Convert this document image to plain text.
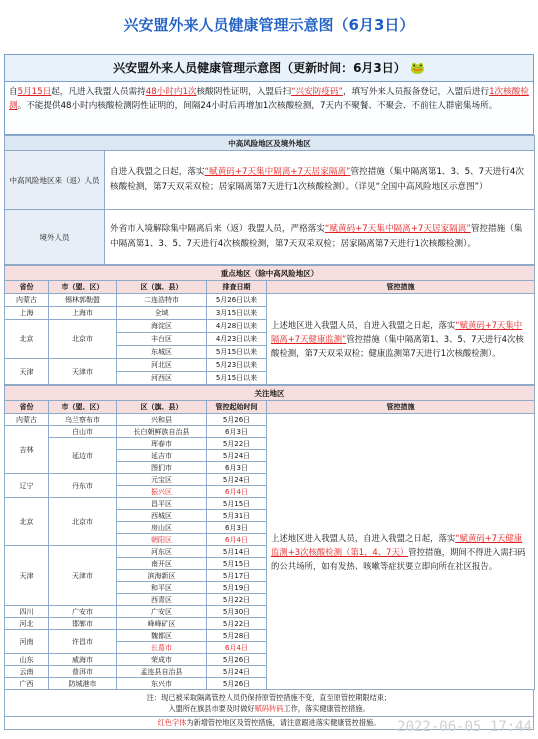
兴安盟外来人员健康管理示意图（6月3日）
兴安盟外来人员健康管理示意图（更新时间：6月3日） 🐸
自5月15日起，凡进入我盟人员需持48小时内1次核酸阴性证明，入盟后扫“兴安防疫码”，填写外来人员报备登记，入盟后进行1次核酸检测。不能提供48小时内核酸检测阴性证明的，间隔24小时后再增加1次核酸检测，7天内不聚餐、不聚会、不前往人群密集场所。
中高风险地区及境外地区	
中高风险地区来（返）人员	自进入我盟之日起，落实“赋黄码+7天集中隔离+7天居家隔离”管控措施（集中隔离第1、3、5、7天进行4次核酸检测，第7天双采双检；居家隔离第7天进行1次核酸检测）。（详见“全国中高风险地区示意图”）
境外人员	外省市入境解除集中隔离后来（返）我盟人员，严格落实“赋黄码+7天集中隔离+7天居家隔离”管控措施（集中隔离第1、3、5、7天进行4次核酸检测，第7天双采双检；居家隔离第7天进行1次核酸检测）。
重点地区（除中高风险地区）				
省份	市（盟、区）	区（旗、县）	排查日期	管控措施
内蒙古	锡林郭勒盟	二连浩特市	5月26日以来	上述地区进入我盟人员，自进入我盟之日起，落实“赋黄码+7天集中隔离+7天健康监测”管控措施（集中隔离第1、3、5、7天进行4次核酸检测，第7天双采双检；健康监测第7天进行1次核酸检测）。
上海	上海市	全域	3月15日以来	
北京	北京市	海淀区	4月28日以来	
		丰台区	4月23日以来	
		东城区	5月15日以来	
天津	天津市	河北区	5月23日以来	
		河西区	5月15日以来	
关注地区				
省份	市（盟、区）	区（旗、县）	管控起始时间	管控措施
内蒙古	乌兰察布市	兴和县	5月26日	上述地区进入我盟人员，自进入我盟之日起，落实“赋黄码+7天健康监测+3次核酸检测（第1、4、7天）管控措施，期间不得进入需扫码的公共场所，如有发热、咳嗽等症状要立即向所在社区报告。
吉林	白山市	长白朝鲜族自治县	6月3日	
	延边市	珲春市	5月22日	
		延吉市	5月24日	
		图们市	6月3日	
辽宁	丹东市	元宝区	5月24日	
		振兴区	6月4日	
北京	北京市	昌平区	5月15日	
		西城区	5月31日	
		房山区	6月3日	
		朝阳区	6月4日	
天津	天津市	河东区	5月14日	
		南开区	5月15日	
		滨海新区	5月17日	
		和平区	5月19日	
		西青区	5月22日	
四川	广安市	广安区	5月30日	
河北	邯郸市	峰峰矿区	5月22日	
河南	许昌市	魏都区	5月28日	
		长葛市	6月4日	
山东	威海市	荣成市	5月26日	
云南	普洱市	孟连县自治县	5月24日	
广西	防城港市	东兴市	5月26日	
注：现已被采取隔离管控人员仍保持原管控措施不变，直至原管控期限结束；
入盟所在旗县市要及时做好赋码转码工作，落实健康管控措施。
红色字体为新增管控地区及管控措施，请注意跟进落实健康管控措施。	2022-06-05 17:44
